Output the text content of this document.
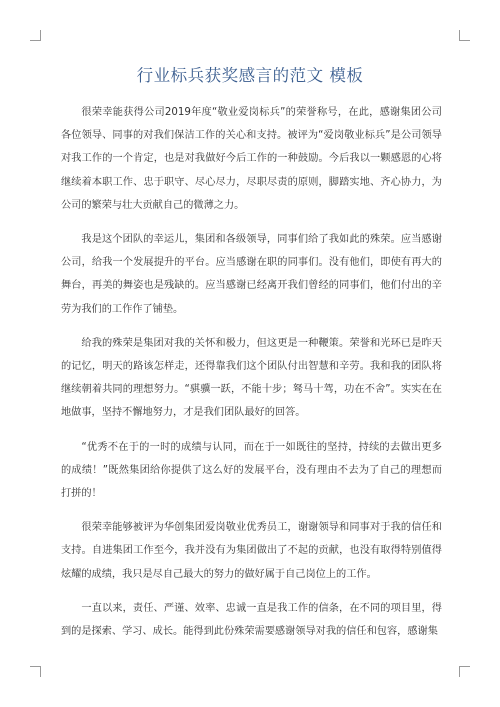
行业标兵获奖感言的范文 模板

很荣幸能获得公司2019年度“敬业爱岗标兵”的荣誉称号，在此，感谢集团公司各位领导、同事的对我们保洁工作的关心和支持。被评为“爱岗敬业标兵”是公司领导对我工作的一个肯定，也是对我做好今后工作的一种鼓励。今后我以一颗感恩的心将继续着本职工作、忠于职守、尽心尽力，尽职尽责的原则，脚踏实地、齐心协力，为公司的繁荣与壮大贡献自己的微薄之力。

我是这个团队的幸运儿，集团和各级领导，同事们给了我如此的殊荣。应当感谢公司，给我一个发展提升的平台。应当感谢在职的同事们。没有他们，即使有再大的舞台，再美的舞姿也是残缺的。应当感谢已经离开我们曾经的同事们，他们付出的辛劳为我们的工作作了铺垫。

给我的殊荣是集团对我的关怀和极力，但这更是一种鞭策。荣誉和光环已是昨天的记忆，明天的路该怎样走，还得靠我们这个团队付出智慧和辛劳。我和我的团队将继续朝着共同的理想努力。“骐骥一跃，不能十步；驽马十驾，功在不舍”。实实在在地做事，坚持不懈地努力，才是我们团队最好的回答。

“优秀不在于的一时的成绩与认同，而在于一如既往的坚持，持续的去做出更多的成绩！”既然集团给你提供了这么好的发展平台，没有理由不去为了自己的理想而打拼的！

很荣幸能够被评为华创集团爱岗敬业优秀员工，谢谢领导和同事对于我的信任和支持。自进集团工作至今，我并没有为集团做出了不起的贡献，也没有取得特别值得炫耀的成绩，我只是尽自己最大的努力的做好属于自己岗位上的工作。

一直以来，责任、严谨、效率、忠诚一直是我工作的信条，在不同的项目里，得到的是探索、学习、成长。能得到此份殊荣需要感谢领导对我的信任和包容，感谢集
